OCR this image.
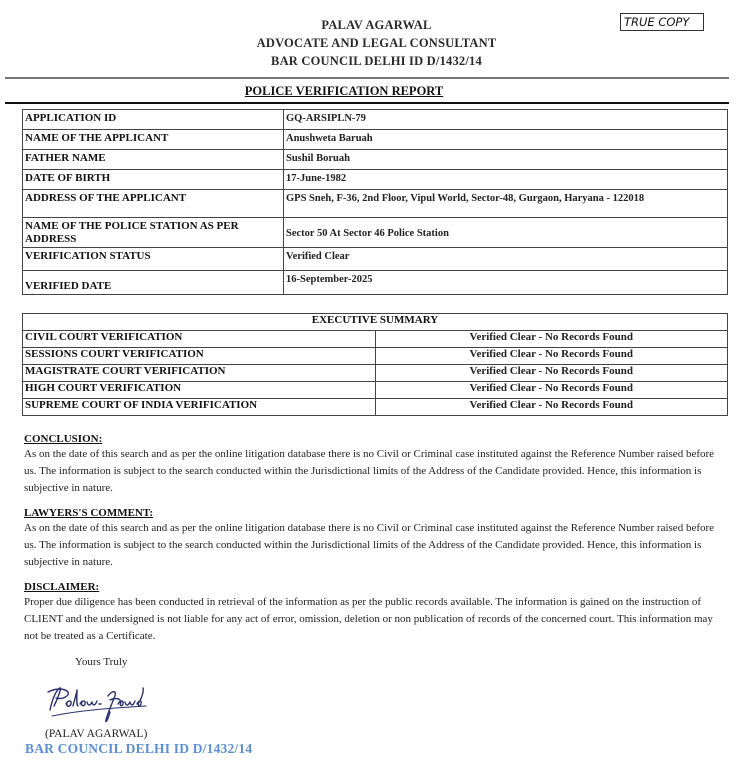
PALAV AGARWAL
ADVOCATE AND LEGAL CONSULTANT
BAR COUNCIL DELHI ID D/1432/14
TRUE COPY
POLICE VERIFICATION REPORT
APPLICATION ID	GQ-ARSIPLN-79
NAME OF THE APPLICANT	Anushweta Baruah
FATHER NAME	Sushil Boruah
DATE OF BIRTH	17-June-1982
ADDRESS OF THE APPLICANT	GPS Sneh, F-36, 2nd Floor, Vipul World, Sector-48, Gurgaon, Haryana - 122018
NAME OF THE POLICE STATION AS PER ADDRESS	Sector 50 At Sector 46 Police Station
VERIFICATION STATUS	Verified Clear
VERIFIED DATE	16-September-2025
EXECUTIVE SUMMARY	
CIVIL COURT VERIFICATION	Verified Clear - No Records Found
SESSIONS COURT VERIFICATION	Verified Clear - No Records Found
MAGISTRATE COURT VERIFICATION	Verified Clear - No Records Found
HIGH COURT VERIFICATION	Verified Clear - No Records Found
SUPREME COURT OF INDIA VERIFICATION	Verified Clear - No Records Found
CONCLUSION:
As on the date of this search and as per the online litigation database there is no Civil or Criminal case instituted against the Reference Number raised before us. The information is subject to the search conducted within the Jurisdictional limits of the Address of the Candidate provided. Hence, this information is subjective in nature.
LAWYERS'S COMMENT:
As on the date of this search and as per the online litigation database there is no Civil or Criminal case instituted against the Reference Number raised before us. The information is subject to the search conducted within the Jurisdictional limits of the Address of the Candidate provided. Hence, this information is subjective in nature.
DISCLAIMER:
Proper due diligence has been conducted in retrieval of the information as per the public records available. The information is gained on the instruction of CLIENT and the undersigned is not liable for any act of error, omission, deletion or non publication of records of the concerned court. This information may not be treated as a Certificate.
Yours Truly
(PALAV AGARWAL)
BAR COUNCIL DELHI ID D/1432/14
